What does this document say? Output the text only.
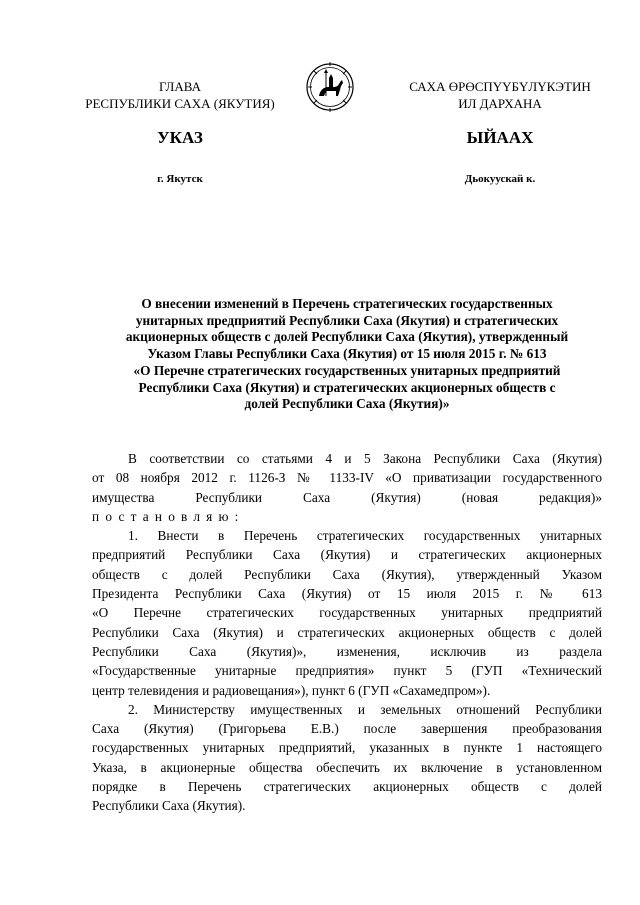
ГЛАВА
РЕСПУБЛИКИ САХА (ЯКУТИЯ)
САХА ӨРӨСПҮҮБҮЛҮКЭТИН
ИЛ ДАРХАНА
УКАЗ	ЫЙААХ
г. Якутск	Дьокуускай к.
О внесении изменений в Перечень стратегических государственных
унитарных предприятий Республики Саха (Якутия) и стратегических
акционерных обществ с долей Республики Саха (Якутия), утвержденный
Указом Главы Республики Саха (Якутия) от 15 июля 2015 г. № 613
«О Перечне стратегических государственных унитарных предприятий
Республики Саха (Якутия) и стратегических акционерных обществ с
долей Республики Саха (Якутия)»
В соответствии со статьями 4 и 5 Закона Республики Саха (Якутия)
от 08 ноября 2012 г. 1126-З № 1133-IV «О приватизации государственного
имущества Республики Саха (Якутия) (новая редакция)»
постановляю:
1. Внести в Перечень стратегических государственных унитарных
предприятий Республики Саха (Якутия) и стратегических акционерных
обществ с долей Республики Саха (Якутия), утвержденный Указом
Президента Республики Саха (Якутия) от 15 июля 2015 г. № 613
«О Перечне стратегических государственных унитарных предприятий
Республики Саха (Якутия) и стратегических акционерных обществ с долей
Республики Саха (Якутия)», изменения, исключив из раздела
«Государственные унитарные предприятия» пункт 5 (ГУП «Технический
центр телевидения и радиовещания»), пункт 6 (ГУП «Сахамедпром»).
2. Министерству имущественных и земельных отношений Республики
Саха (Якутия) (Григорьева Е.В.) после завершения преобразования
государственных унитарных предприятий, указанных в пункте 1 настоящего
Указа, в акционерные общества обеспечить их включение в установленном
порядке в Перечень стратегических акционерных обществ с долей
Республики Саха (Якутия).
